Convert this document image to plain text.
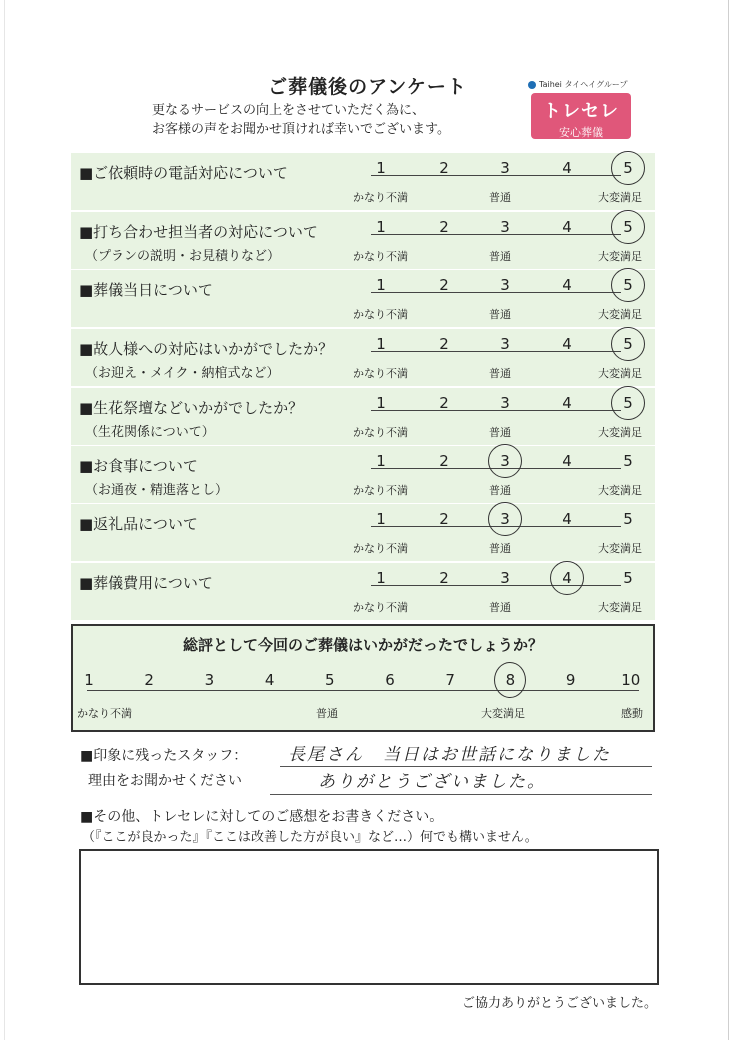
ご葬儀後のアンケート
更なるサービスの向上をさせていただく為に、
お客様の声をお聞かせ頂ければ幸いでございます。
Taihei タイヘイグループ
トレセレ
安心葬儀
■ご依頼時の電話対応について	1	2	3	4	5
かなり不満	普通	大変満足
■打ち合わせ担当者の対応について
（プランの説明・お見積りなど）
1	2	3	4	5
かなり不満	普通	大変満足
■葬儀当日について	1	2	3	4	5
かなり不満	普通	大変満足
■故人様への対応はいかがでしたか？
（お迎え・メイク・納棺式など）
1	2	3	4	5
かなり不満	普通	大変満足
■生花祭壇などいかがでしたか？
（生花関係について）
1	2	3	4	5
かなり不満	普通	大変満足
■お食事について
（お通夜・精進落とし）
1	2	3	4	5
かなり不満	普通	大変満足
■返礼品について	1	2	3	4	5
かなり不満	普通	大変満足
■葬儀費用について	1	2	3	4	5
かなり不満	普通	大変満足
総評として今回のご葬儀はいかがだったでしょうか？
1	2	3	4	5	6	7	8	9	10
かなり不満	普通	大変満足	感動
■印象に残ったスタッフ： 長尾さん　当日はお世話になりました
理由をお聞かせください	ありがとうございました。
■その他、トレセレに対してのご感想をお書きください。
（『ここが良かった』『ここは改善した方が良い』など…）何でも構いません。
ご協力ありがとうございました。
